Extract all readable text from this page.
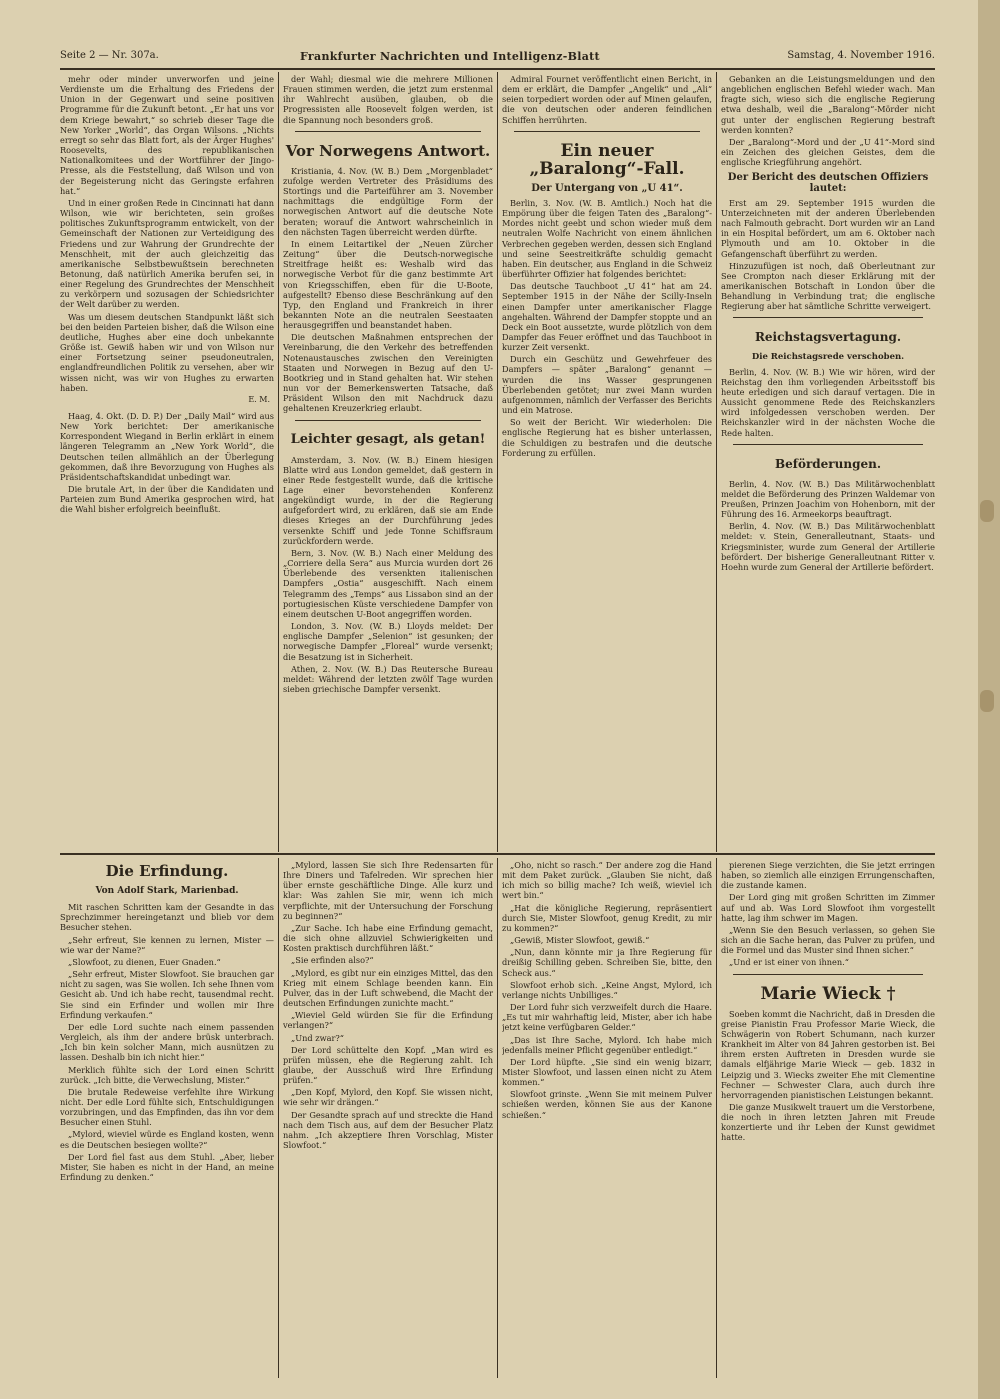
Seite 2 — Nr. 307a.	Frankfurter Nachrichten und Intelligenz-Blatt	Samstag, 4. November 1916.

mehr oder minder unverworfen und jeine Verdienste um die Erhaltung des Friedens der Union in der Gegenwart und seine positiven Programme für die Zukunft betont. „Er hat uns vor dem Kriege bewahrt,“ so schrieb dieser Tage die New Yorker „World“, das Organ Wilsons. „Nichts erregt so sehr das Blatt fort, als der Ärger Hughes' Roosevelts, des republikanischen Nationalkomitees und der Wortführer der Jingo-Presse, als die Feststellung, daß Wilson und von der Begeisterung nicht das Geringste erfahren hat.“

Und in einer großen Rede in Cincinnati hat dann Wilson, wie wir berichteten, sein großes politisches Zukunftsprogramm entwickelt, von der Gemeinschaft der Nationen zur Verteidigung des Friedens und zur Wahrung der Grundrechte der Menschheit, mit der auch gleichzeitig das amerikanische Selbstbewußtsein berechneten Betonung, daß natürlich Amerika berufen sei, in einer Regelung des Grundrechtes der Menschheit zu verkörpern und sozusagen der Schiedsrichter der Welt darüber zu werden.

Was um diesem deutschen Standpunkt läßt sich bei den beiden Parteien bisher, daß die Wilson eine deutliche, Hughes aber eine doch unbekannte Größe ist. Gewiß haben wir und von Wilson nur einer Fortsetzung seiner pseudoneutralen, englandfreundlichen Politik zu versehen, aber wir wissen nicht, was wir von Hughes zu erwarten haben.

E. M.

Haag, 4. Okt. (D. D. P.) Der „Daily Mail“ wird aus New York berichtet: Der amerikanische Korrespondent Wiegand in Berlin erklärt in einem längeren Telegramm an „New York World“, die Deutschen teilen allmählich an der Überlegung gekommen, daß ihre Bevorzugung von Hughes als Präsidentschaftskandidat unbedingt war.

Die brutale Art, in der über die Kandidaten und Parteien zum Bund Amerika gesprochen wird, hat die Wahl bisher erfolgreich beeinflußt.

der Wahl; diesmal wie die mehrere Millionen Frauen stimmen werden, die jetzt zum erstenmal ihr Wahlrecht ausüben, glauben, ob die Progressisten alle Roosevelt folgen werden, ist die Spannung noch besonders groß.

Vor Norwegens Antwort.

Kristiania, 4. Nov. (W. B.) Dem „Morgenbladet“ zufolge werden Vertreter des Präsidiums des Stortings und die Parteiführer am 3. November nachmittags die endgültige Form der norwegischen Antwort auf die deutsche Note beraten; worauf die Antwort wahrscheinlich in den nächsten Tagen überreicht werden dürfte.

In einem Leitartikel der „Neuen Zürcher Zeitung“ über die Deutsch-norwegische Streitfrage heißt es: Weshalb wird das norwegische Verbot für die ganz bestimmte Art von Kriegsschiffen, eben für die U-Boote, aufgestellt? Ebenso diese Beschränkung auf den Typ, den England und Frankreich in ihrer bekannten Note an die neutralen Seestaaten herausgegriffen und beanstandet haben.

Die deutschen Maßnahmen entsprechen der Vereinbarung, die den Verkehr des betreffenden Notenaustausches zwischen den Vereinigten Staaten und Norwegen in Bezug auf den U-Bootkrieg und in Stand gehalten hat. Wir stehen nun vor der Bemerkenswerten Tatsache, daß Präsident Wilson den mit Nachdruck dazu gehaltenen Kreuzerkrieg erlaubt.

Leichter gesagt, als getan!

Amsterdam, 3. Nov. (W. B.) Einem hiesigen Blatte wird aus London gemeldet, daß gestern in einer Rede festgestellt wurde, daß die kritische Lage einer bevorstehenden Konferenz angekündigt wurde, in der die Regierung aufgefordert wird, zu erklären, daß sie am Ende dieses Krieges an der Durchführung jedes versenkte Schiff und jede Tonne Schiffsraum zurückfordern werde.

Bern, 3. Nov. (W. B.) Nach einer Meldung des „Corriere della Sera“ aus Murcia wurden dort 26 Überlebende des versenkten italienischen Dampfers „Ostia“ ausgeschifft. Nach einem Telegramm des „Temps“ aus Lissabon sind an der portugiesischen Küste verschiedene Dampfer von einem deutschen U-Boot angegriffen worden.

London, 3. Nov. (W. B.) Lloyds meldet: Der englische Dampfer „Selenion“ ist gesunken; der norwegische Dampfer „Floreal“ wurde versenkt; die Besatzung ist in Sicherheit.

Athen, 2. Nov. (W. B.) Das Reutersche Bureau meldet: Während der letzten zwölf Tage wurden sieben griechische Dampfer versenkt.

Admiral Fournet veröffentlicht einen Bericht, in dem er erklärt, die Dampfer „Angelik“ und „Ali“ seien torpediert worden oder auf Minen gelaufen, die von deutschen oder anderen feindlichen Schiffen herrührten.

Ein neuer „Baralong“-Fall.
Der Untergang von „U 41“.

Berlin, 3. Nov. (W. B. Amtlich.) Noch hat die Empörung über die feigen Taten des „Baralong“-Mordes nicht geebt und schon wieder muß dem neutralen Wolfe Nachricht von einem ähnlichen Verbrechen gegeben werden, dessen sich England und seine Seestreitkräfte schuldig gemacht haben. Ein deutscher, aus England in die Schweiz überführter Offizier hat folgendes berichtet:

Das deutsche Tauchboot „U 41“ hat am 24. September 1915 in der Nähe der Scilly-Inseln einen Dampfer unter amerikanischer Flagge angehalten. Während der Dampfer stoppte und an Deck ein Boot aussetzte, wurde plötzlich von dem Dampfer das Feuer eröffnet und das Tauchboot in kurzer Zeit versenkt.

Durch ein Geschütz und Gewehrfeuer des Dampfers — später „Baralong“ genannt — wurden die ins Wasser gesprungenen Überlebenden getötet; nur zwei Mann wurden aufgenommen, nämlich der Verfasser des Berichts und ein Matrose.

So weit der Bericht. Wir wiederholen: Die englische Regierung hat es bisher unterlassen, die Schuldigen zu bestrafen und die deutsche Forderung zu erfüllen.

Gebanken an die Leistungsmeldungen und den angeblichen englischen Befehl wieder wach. Man fragte sich, wieso sich die englische Regierung etwa deshalb, weil die „Baralong“-Mörder nicht gut unter der englischen Regierung bestraft werden konnten?

Der „Baralong“-Mord und der „U 41“-Mord sind ein Zeichen des gleichen Geistes, dem die englische Kriegführung angehört.

Der Bericht des deutschen Offiziers lautet:

Erst am 29. September 1915 wurden die Unterzeichneten mit der anderen Überlebenden nach Falmouth gebracht. Dort wurden wir an Land in ein Hospital befördert, um am 6. Oktober nach Plymouth und am 10. Oktober in die Gefangenschaft überführt zu werden.

Hinzuzufügen ist noch, daß Oberleutnant zur See Crompton nach dieser Erklärung mit der amerikanischen Botschaft in London über die Behandlung in Verbindung trat; die englische Regierung aber hat sämtliche Schritte verweigert.

Reichstagsvertagung.
Die Reichstagsrede verschoben.

Berlin, 4. Nov. (W. B.) Wie wir hören, wird der Reichstag den ihm vorliegenden Arbeitsstoff bis heute erledigen und sich darauf vertagen. Die in Aussicht genommene Rede des Reichskanzlers wird infolgedessen verschoben werden. Der Reichskanzler wird in der nächsten Woche die Rede halten.

Beförderungen.

Berlin, 4. Nov. (W. B.) Das Militärwochenblatt meldet die Beförderung des Prinzen Waldemar von Preußen, Prinzen Joachim von Hohenborn, mit der Führung des 16. Armeekorps beauftragt.

Berlin, 4. Nov. (W. B.) Das Militärwochenblatt meldet: v. Stein, Generalleutnant, Staats- und Kriegsminister, wurde zum General der Artillerie befördert. Der bisherige Generalleutnant Ritter v. Hoehn wurde zum General der Artillerie befördert.

Die Erfindung.
Von Adolf Stark, Marienbad.

Mit raschen Schritten kam der Gesandte in das Sprechzimmer hereingetanzt und blieb vor dem Besucher stehen.

„Sehr erfreut, Sie kennen zu lernen, Mister — wie war der Name?“

„Slowfoot, zu dienen, Euer Gnaden.“

„Sehr erfreut, Mister Slowfoot. Sie brauchen gar nicht zu sagen, was Sie wollen. Ich sehe Ihnen vom Gesicht ab. Und ich habe recht, tausendmal recht. Sie sind ein Erfinder und wollen mir Ihre Erfindung verkaufen.“

Der edle Lord suchte nach einem passenden Vergleich, als ihm der andere brüsk unterbrach. „Ich bin kein solcher Mann, mich ausnützen zu lassen. Deshalb bin ich nicht hier.“

Merklich fühlte sich der Lord einen Schritt zurück. „Ich bitte, die Verwechslung, Mister.“

Die brutale Redeweise verfehlte ihre Wirkung nicht. Der edle Lord fühlte sich, Entschuldigungen vorzubringen, und das Empfinden, das ihn vor dem Besucher einen Stuhl.

„Mylord, wieviel würde es England kosten, wenn es die Deutschen besiegen wollte?“

Der Lord fiel fast aus dem Stuhl. „Aber, lieber Mister, Sie haben es nicht in der Hand, an meine Erfindung zu denken.“

„Mylord, lassen Sie sich Ihre Redensarten für Ihre Diners und Tafelreden. Wir sprechen hier über ernste geschäftliche Dinge. Alle kurz und klar: Was zahlen Sie mir, wenn ich mich verpflichte, mit der Untersuchung der Forschung zu beginnen?“

„Zur Sache. Ich habe eine Erfindung gemacht, die sich ohne allzuviel Schwierigkeiten und Kosten praktisch durchführen läßt.“

„Sie erfinden also?“

„Mylord, es gibt nur ein einziges Mittel, das den Krieg mit einem Schlage beenden kann. Ein Pulver, das in der Luft schwebend, die Macht der deutschen Erfindungen zunichte macht.“

„Wieviel Geld würden Sie für die Erfindung verlangen?“

„Und zwar?“

Der Lord schüttelte den Kopf. „Man wird es prüfen müssen, ehe die Regierung zahlt. Ich glaube, der Ausschuß wird Ihre Erfindung prüfen.“

„Den Kopf, Mylord, den Kopf. Sie wissen nicht, wie sehr wir drängen.“

Der Gesandte sprach auf und streckte die Hand nach dem Tisch aus, auf dem der Besucher Platz nahm. „Ich akzeptiere Ihren Vorschlag, Mister Slowfoot.“

„Oho, nicht so rasch.“ Der andere zog die Hand mit dem Paket zurück. „Glauben Sie nicht, daß ich mich so billig mache? Ich weiß, wieviel ich wert bin.“

„Hat die königliche Regierung, repräsentiert durch Sie, Mister Slowfoot, genug Kredit, zu mir zu kommen?“

„Gewiß, Mister Slowfoot, gewiß.“

„Nun, dann könnte mir ja Ihre Regierung für dreißig Schilling geben. Schreiben Sie, bitte, den Scheck aus.“

Slowfoot erhob sich. „Keine Angst, Mylord, ich verlange nichts Unbilliges.“

Der Lord fuhr sich verzweifelt durch die Haare. „Es tut mir wahrhaftig leid, Mister, aber ich habe jetzt keine verfügbaren Gelder.“

„Das ist Ihre Sache, Mylord. Ich habe mich jedenfalls meiner Pflicht gegenüber entledigt.“

Der Lord hüpfte. „Sie sind ein wenig bizarr, Mister Slowfoot, und lassen einen nicht zu Atem kommen.“

Slowfoot grinste. „Wenn Sie mit meinem Pulver schießen werden, können Sie aus der Kanone schießen.“

pierenen Siege verzichten, die Sie jetzt erringen haben, so ziemlich alle einzigen Errungenschaften, die zustande kamen.

Der Lord ging mit großen Schritten im Zimmer auf und ab. Was Lord Slowfoot ihm vorgestellt hatte, lag ihm schwer im Magen.

„Wenn Sie den Besuch verlassen, so gehen Sie sich an die Sache heran, das Pulver zu prüfen, und die Formel und das Muster sind Ihnen sicher.“

„Und er ist einer von ihnen.“

Marie Wieck †

Soeben kommt die Nachricht, daß in Dresden die greise Pianistin Frau Professor Marie Wieck, die Schwägerin von Robert Schumann, nach kurzer Krankheit im Alter von 84 Jahren gestorben ist. Bei ihrem ersten Auftreten in Dresden wurde sie damals elfjährige Marie Wieck — geb. 1832 in Leipzig und 3. Wiecks zweiter Ehe mit Clementine Fechner — Schwester Clara, auch durch ihre hervorragenden pianistischen Leistungen bekannt.

Die ganze Musikwelt trauert um die Verstorbene, die noch in ihren letzten Jahren mit Freude konzertierte und ihr Leben der Kunst gewidmet hatte.
